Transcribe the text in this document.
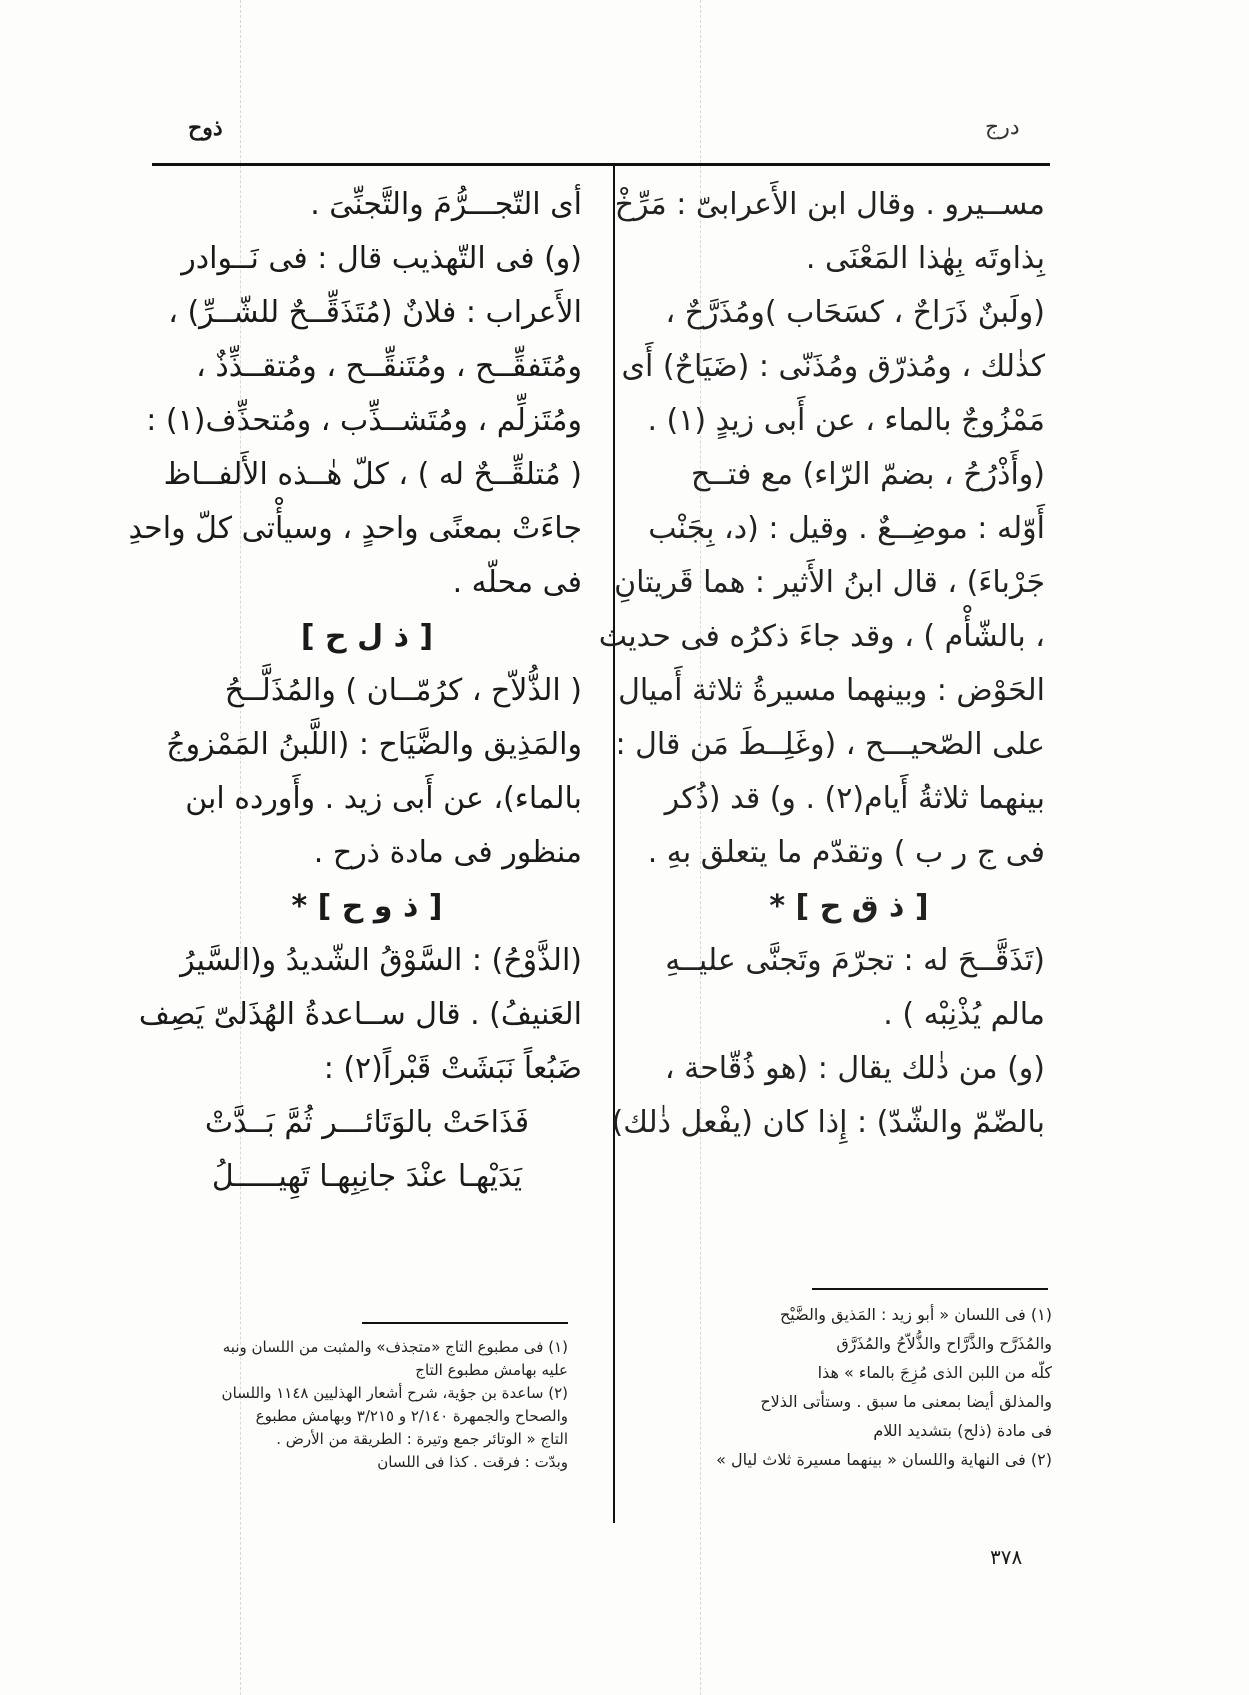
ذوح	درج
أى التّجـــرُّمَ والتَّجنِّىَ .
(و) فى التّهذيب قال : فى نَــوادر
الأَعراب : فلانٌ (مُتَذَقِّــحٌ للشّــرِّ) ،
ومُتَفقِّــح ، ومُتَنقِّــح ، ومُتقــذِّذٌ ،
ومُتَزلِّم ، ومُتَشــذِّب ، ومُتحذِّف(١) :
( مُتلقِّــحٌ له ) ، كلّ هٰــذه الأَلفــاظ
جاءَتْ بمعنًى واحدٍ ، وسيأْتى كلّ واحدِ
فى محلّه .
[ ذ ل ح ]
( الذُّلاّح ، كرُمّــان ) والمُذَلَّــحُ
والمَذِيق والضَّيَاح : (اللَّبنُ المَمْزوجُ
بالماء)، عن أَبى زيد . وأَورده ابن
منظور فى مادة ذرح .
[ ذ و ح ] *
(الذَّوْحُ) : السَّوْقُ الشّديدُ و(السَّيرُ
العَنيفُ) . قال ســاعدةُ الهُذَلىّ يَصِف
ضَبُعاً نَبَشَتْ قَبْراً(٢) :
فَذَاحَتْ بالوَتَائـــر ثُمَّ بَــدَّتْ
يَدَيْهـا عنْدَ جانِبِهـا تَهِيـــــلُ
مســيرو . وقال ابن الأَعرابىّ : مَرِّخْ
بِذاوتَه بِهٰذا المَعْنَى .
(ولَبنٌ ذَرَاحٌ ، كسَحَاب )ومُذَرَّحٌ ،
كذٰلك ، ومُذرّق ومُذَنّى : (ضَيَاحٌ) أَى
مَمْزُوجٌ بالماء ، عن أَبى زيدٍ (١) .
(وأَذْرُحُ ، بضمّ الرّاء) مع فتــح
أَوّله : موضِــعٌ . وقيل : (د، بِجَنْب
جَرْباءَ) ، قال ابنُ الأَثير : هما قَريتانِ
، بالشّأْم ) ، وقد جاءَ ذكرُه فى حديث
الحَوْض : وبينهما مسيرةُ ثلاثة أَميال
على الصّحيـــح ، (وغَلِــطَ مَن قال :
بينهما ثلاثةُ أَيام(٢) . و) قد (ذُكر
فى ج ر ب ) وتقدّم ما يتعلق بهِ .
[ ذ ق ح ] *
(تَذَقَّــحَ له : تجرّمَ وتَجنَّى عليــهِ
مالم يُذْنِبْه ) .
(و) من ذٰلك يقال : (هو ذُقّاحة ،
بالضّمّ والشّدّ) : إِذا كان (يفْعل ذٰلك)
(١) فى مطبوع التاج «متجذف» والمثبت من اللسان ونبه
عليه بهامش مطبوع التاج
(٢) ساعدة بن جؤية، شرح أشعار الهذليين ١١٤٨ واللسان
والصحاح والجمهرة ٢/١٤٠ و ٣/٢١٥ وبهامش مطبوع
التاج « الوتائر جمع وتيرة : الطريقة من الأرض .
وبدّت : فرقت . كذا فى اللسان
(١) فى اللسان « أبو زيد : المَذيق والضَّيْح
والمُذَرَّح والذَّرَّاح والذُّلاّحُ والمُذَرَّق
كلّه من اللبن الذى مُزِجَ بالماء » هذا
والمذلق أيضا بمعنى ما سبق . وستأتى الذلاح
فى مادة (ذلح) بتشديد اللام
(٢) فى النهاية واللسان « بينهما مسيرة ثلاث ليال »
٣٧٨
